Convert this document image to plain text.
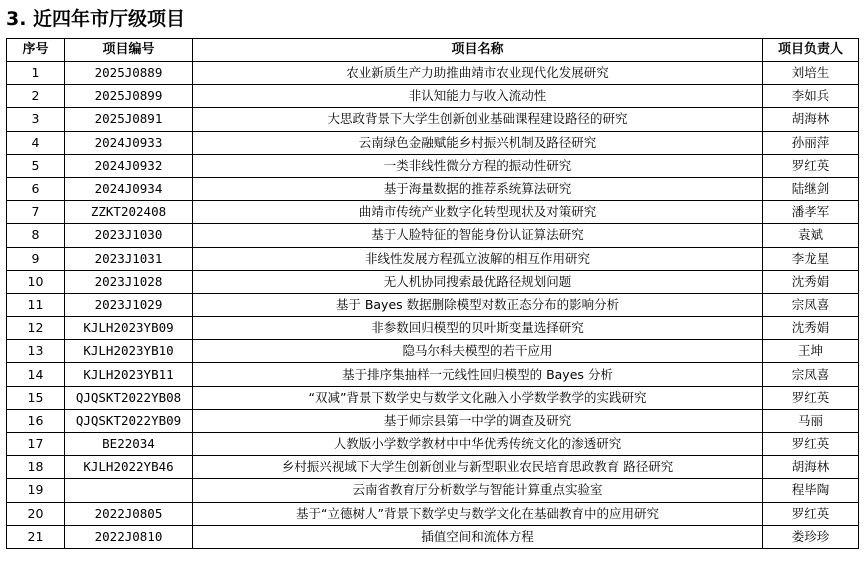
3. 近四年市厅级项目
序号	项目编号	项目名称	项目负责人
1	2025J0889	农业新质生产力助推曲靖市农业现代化发展研究	刘培生
2	2025J0899	非认知能力与收入流动性	李如兵
3	2025J0891	大思政背景下大学生创新创业基础课程建设路径的研究	胡海林
4	2024J0933	云南绿色金融赋能乡村振兴机制及路径研究	孙丽萍
5	2024J0932	一类非线性微分方程的振动性研究	罗红英
6	2024J0934	基于海量数据的推荐系统算法研究	陆继剑
7	ZZKT202408	曲靖市传统产业数字化转型现状及对策研究	潘孝军
8	2023J1030	基于人脸特征的智能身份认证算法研究	袁斌
9	2023J1031	非线性发展方程孤立波解的相互作用研究	李龙星
10	2023J1028	无人机协同搜索最优路径规划问题	沈秀娟
11	2023J1029	基于 Bayes 数据删除模型对数正态分布的影响分析	宗凤喜
12	KJLH2023YB09	非参数回归模型的贝叶斯变量选择研究	沈秀娟
13	KJLH2023YB10	隐马尔科夫模型的若干应用	王坤
14	KJLH2023YB11	基于排序集抽样一元线性回归模型的 Bayes 分析	宗凤喜
15	QJQSKT2022YB08	“双减”背景下数学史与数学文化融入小学数学教学的实践研究	罗红英
16	QJQSKT2022YB09	基于师宗县第一中学的调查及研究	马丽
17	BE22034	人教版小学数学教材中中华优秀传统文化的渗透研究	罗红英
18	KJLH2022YB46	乡村振兴视域下大学生创新创业与新型职业农民培育思政教育 路径研究	胡海林
19		云南省教育厅分析数学与智能计算重点实验室	程毕陶
20	2022J0805	基于“立德树人”背景下数学史与数学文化在基础教育中的应用研究	罗红英
21	2022J0810	插值空间和流体方程	娄珍珍
